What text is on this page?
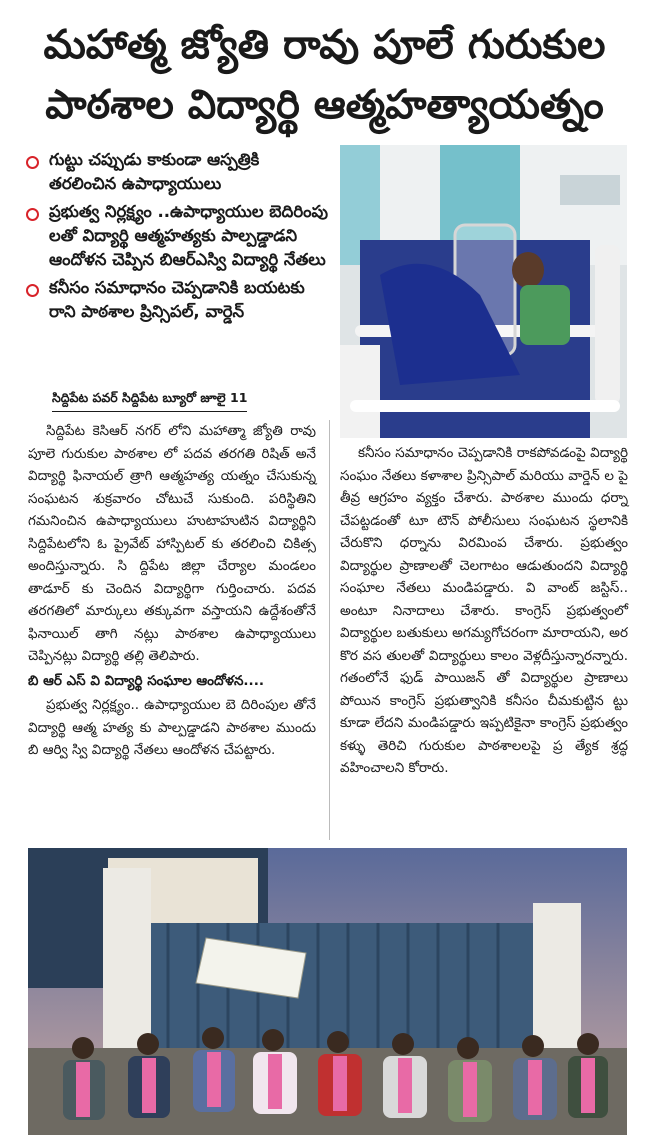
మహాత్మ జ్యోతి రావు పూలే గురుకుల
పాఠశాల విద్యార్థి ఆత్మహత్యాయత్నం
గుట్టు చప్పుడు కాకుండా ఆస్పత్రికి తరలించిన ఉపాధ్యాయులు
ప్రభుత్వ నిర్లక్ష్యం ..ఉపాధ్యాయుల బెదిరింపు లతో విద్యార్థి ఆత్మహత్యకు పాల్పడ్డాడని ఆందోళన చెప్పిన బిఆర్ఎస్వి విద్యార్థి నేతలు
కనీసం సమాధానం చెప్పడానికి బయటకు రాని పాఠశాల ప్రిన్సిపల్, వార్డెన్
సిద్దిపేట పవర్ సిద్దిపేట బ్యూరో జూలై 11

సిద్దిపేట కెసిఆర్ నగర్ లోని మహాత్మా జ్యోతి రావు పూలె గురుకుల పాఠశాల లో పదవ తరగతి రిషిత్ అనే విద్యార్థి ఫినాయల్ త్రాగి ఆత్మహత్య యత్నం చేసుకున్న సంఘటన శుక్రవారం చోటుచే సుకుంది. పరిస్థితిని గమనించిన ఉపాధ్యాయులు హుటాహుటిన విద్యార్థిని సిద్దిపేటలోని ఓ ప్రైవేట్ హాస్పిటల్ కు తరలించి చికిత్స అందిస్తున్నారు. సి ద్దిపేట జిల్లా చేర్యాల మండలం తాడూర్ కు చెందిన విద్యార్థిగా గుర్తించారు. పదవ తరగతిలో మార్కులు తక్కువగా వస్తాయని ఉద్దేశంతోనే ఫినాయిల్ తాగి నట్లు పాఠశాల ఉపాధ్యాయులు చెప్పినట్లు విద్యార్థి తల్లి తెలిపారు.

బి ఆర్ ఎస్ వి విద్యార్థి సంఘాల ఆందోళన....

ప్రభుత్వ నిర్లక్ష్యం.. ఉపాధ్యాయుల బె దిరింపుల తోనే విద్యార్థి ఆత్మ హత్య కు పాల్పడ్డాడని పాఠశాల ముందు బి ఆర్వి స్వి విద్యార్థి నేతలు ఆందోళన చేపట్టారు.

కనీసం సమాధానం చెప్పడానికి రాకపోవడంపై విద్యార్థి సంఘం నేతలు కళాశాల ప్రిన్సిపాల్ మరియు వార్డెన్ ల పై తీవ్ర ఆగ్రహం వ్యక్తం చేశారు. పాఠశాల ముందు ధర్నా చేపట్టడంతో టూ టౌన్ పోలీసులు సంఘటన స్థలానికి చేరుకొని ధర్నాను విరమింప చేశారు. ప్రభుత్వం విద్యార్థుల ప్రాణాలతో చెలగాటం ఆడుతుందని విద్యార్థి సంఘాల నేతలు మండిపడ్డారు. వి వాంట్ జస్టిస్.. అంటూ నినాదాలు చేశారు. కాంగ్రెస్ ప్రభుత్వంలో విద్యార్థుల బతుకులు అగమ్యగోచరంగా మారాయని, అర కొర వస తులతో విద్యార్థులు కాలం వెళ్లదీస్తున్నారన్నారు. గతంలోనే ఫుడ్ పాయిజన్ తో విద్యార్థుల ప్రాణాలు పోయిన కాంగ్రెస్ ప్రభుత్వానికి కనీసం చీమకుట్టిన ట్టు కూడా లేదని మండిపడ్డారు ఇప్పటికైనా కాంగ్రెస్ ప్రభుత్వం కళ్ళు తెరిచి గురుకుల పాఠశాలలపై ప్ర త్యేక శ్రద్ధ వహించాలని కోరారు.
